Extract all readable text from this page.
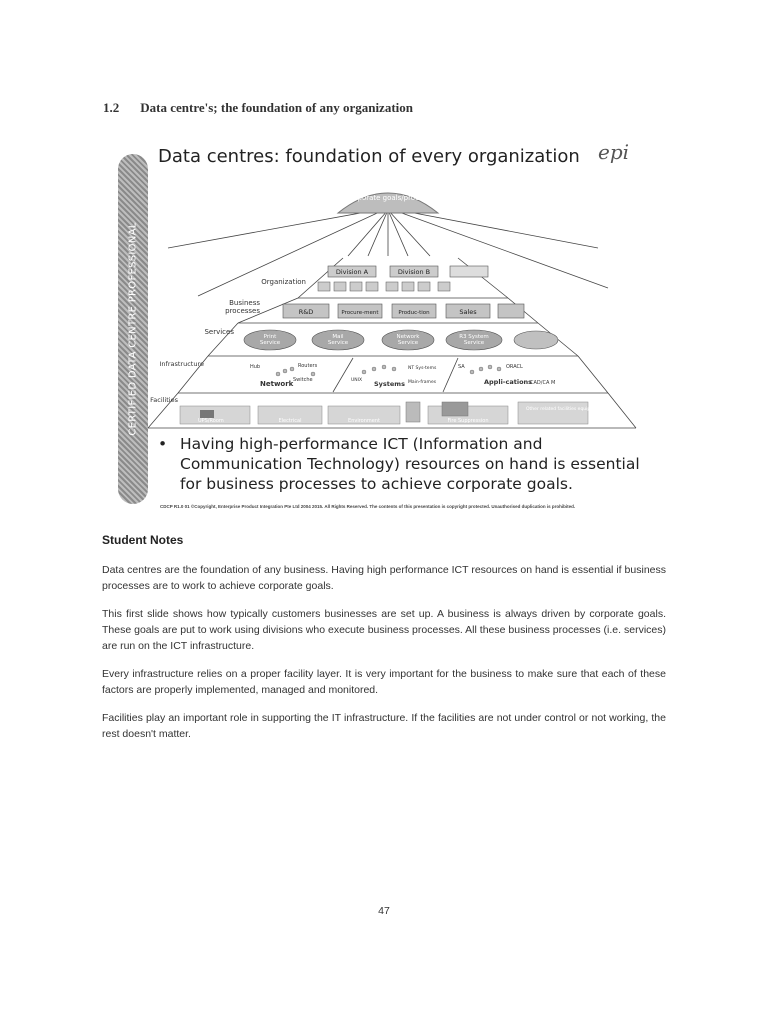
1.2 Data centre's; the foundation of any organization
CERTIFIED DATA CENTRE PROFESSIONAL
Data centres: foundation of every organization epi
Corporate goals/process
Organization
Division A	Division B
Business processes	R&D	Procure-ment	Produc-tion	Sales
Services
Print Service
Mail Service
Network Service
R3 System Service
Infrastructure	Hub	Routers
Switche
Network	UNIX Systems
NT Sys-tems
Main-frames
SA	ORACL
Appli-cations
CAD/CA M
Facilities
UPS/Room	Electrical	Environment	Fire Suppression
Other related facilities equipment
• Having high-performance ICT (Information and Communication Technology) resources on hand is essential for business processes to achieve corporate goals.
CDCP R1.0 01 ©Copyright, Enterprise Product Integration Pte Ltd 2004 2015. All Rights Reserved. The contents of this presentation is copyright protected. Unauthorised duplication is prohibited.
Student Notes

Data centres are the foundation of any business. Having high performance ICT resources on hand is essential if business processes are to work to achieve corporate goals.

This first slide shows how typically customers businesses are set up. A business is always driven by corporate goals. These goals are put to work using divisions who execute business processes. All these business processes (i.e. services) are run on the ICT infrastructure.

Every infrastructure relies on a proper facility layer. It is very important for the business to make sure that each of these factors are properly implemented, managed and monitored.

Facilities play an important role in supporting the IT infrastructure. If the facilities are not under control or not working, the rest doesn't matter.

47
